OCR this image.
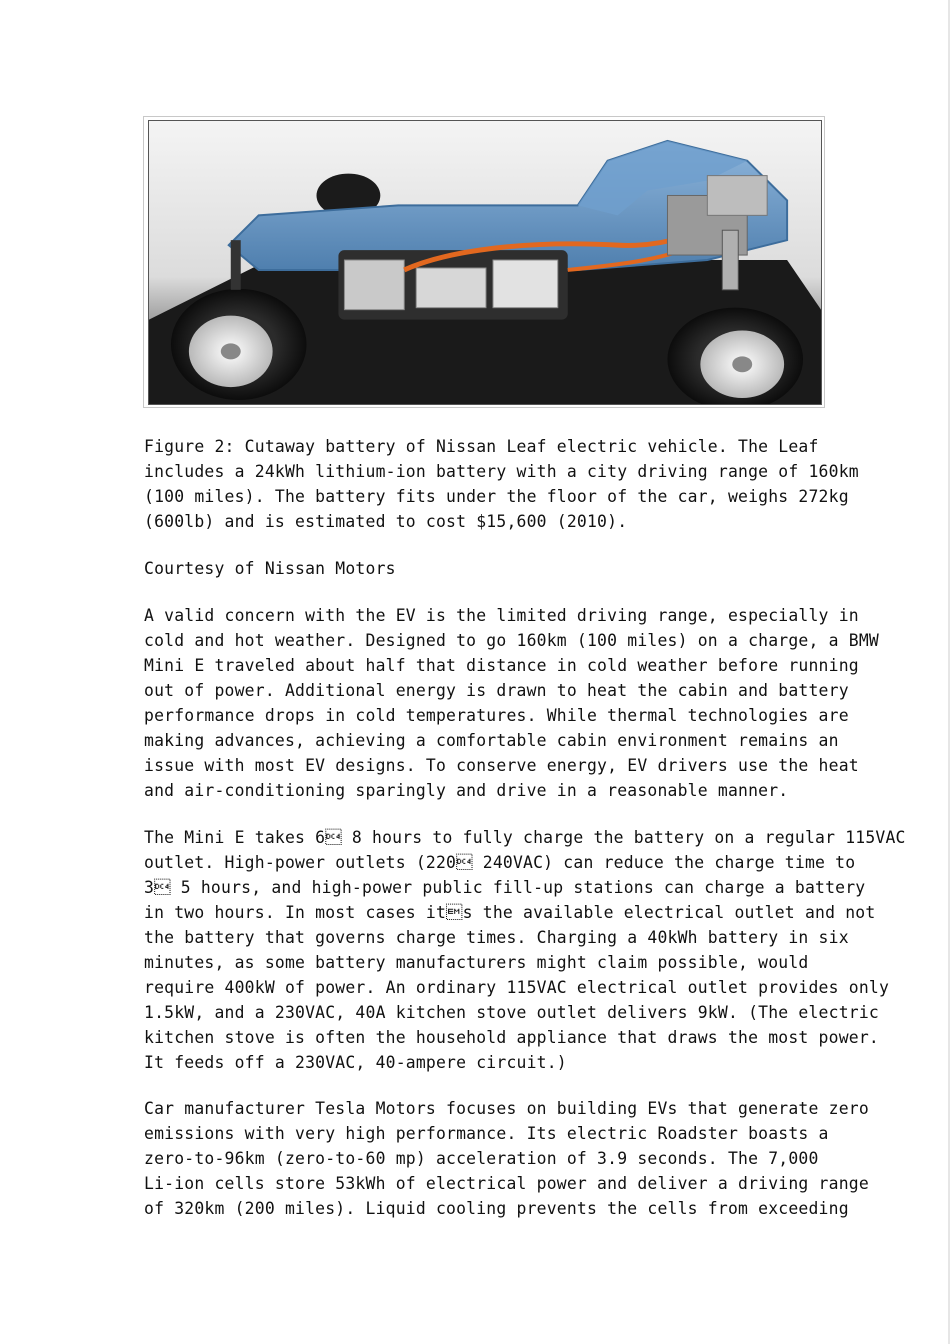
Figure 2: Cutaway battery of Nissan Leaf electric vehicle. The Leaf
includes a 24kWh lithium-ion battery with a city driving range of 160km
(100 miles). The battery fits under the floor of the car, weighs 272kg
(600lb) and is estimated to cost $15,600 (2010).
Courtesy of Nissan Motors
A valid concern with the EV is the limited driving range, especially in
cold and hot weather. Designed to go 160km (100 miles) on a charge, a BMW
Mini E traveled about half that distance in cold weather before running
out of power. Additional energy is drawn to heat the cabin and battery
performance drops in cold temperatures. While thermal technologies are
making advances, achieving a comfortable cabin environment remains an
issue with most EV designs. To conserve energy, EV drivers use the heat
and air-conditioning sparingly and drive in a reasonable manner.
The Mini E takes 6 8 hours to fully charge the battery on a regular 115VAC
outlet. High-power outlets (220 240VAC) can reduce the charge time to
3 5 hours, and high-power public fill-up stations can charge a battery
in two hours. In most cases its the available electrical outlet and not
the battery that governs charge times. Charging a 40kWh battery in six
minutes, as some battery manufacturers might claim possible, would
require 400kW of power. An ordinary 115VAC electrical outlet provides only
1.5kW, and a 230VAC, 40A kitchen stove outlet delivers 9kW. (The electric
kitchen stove is often the household appliance that draws the most power.
It feeds off a 230VAC, 40-ampere circuit.)
Car manufacturer Tesla Motors focuses on building EVs that generate zero
emissions with very high performance. Its electric Roadster boasts a
zero-to-96km (zero-to-60 mp) acceleration of 3.9 seconds. The 7,000
Li-ion cells store 53kWh of electrical power and deliver a driving range
of 320km (200 miles). Liquid cooling prevents the cells from exceeding
